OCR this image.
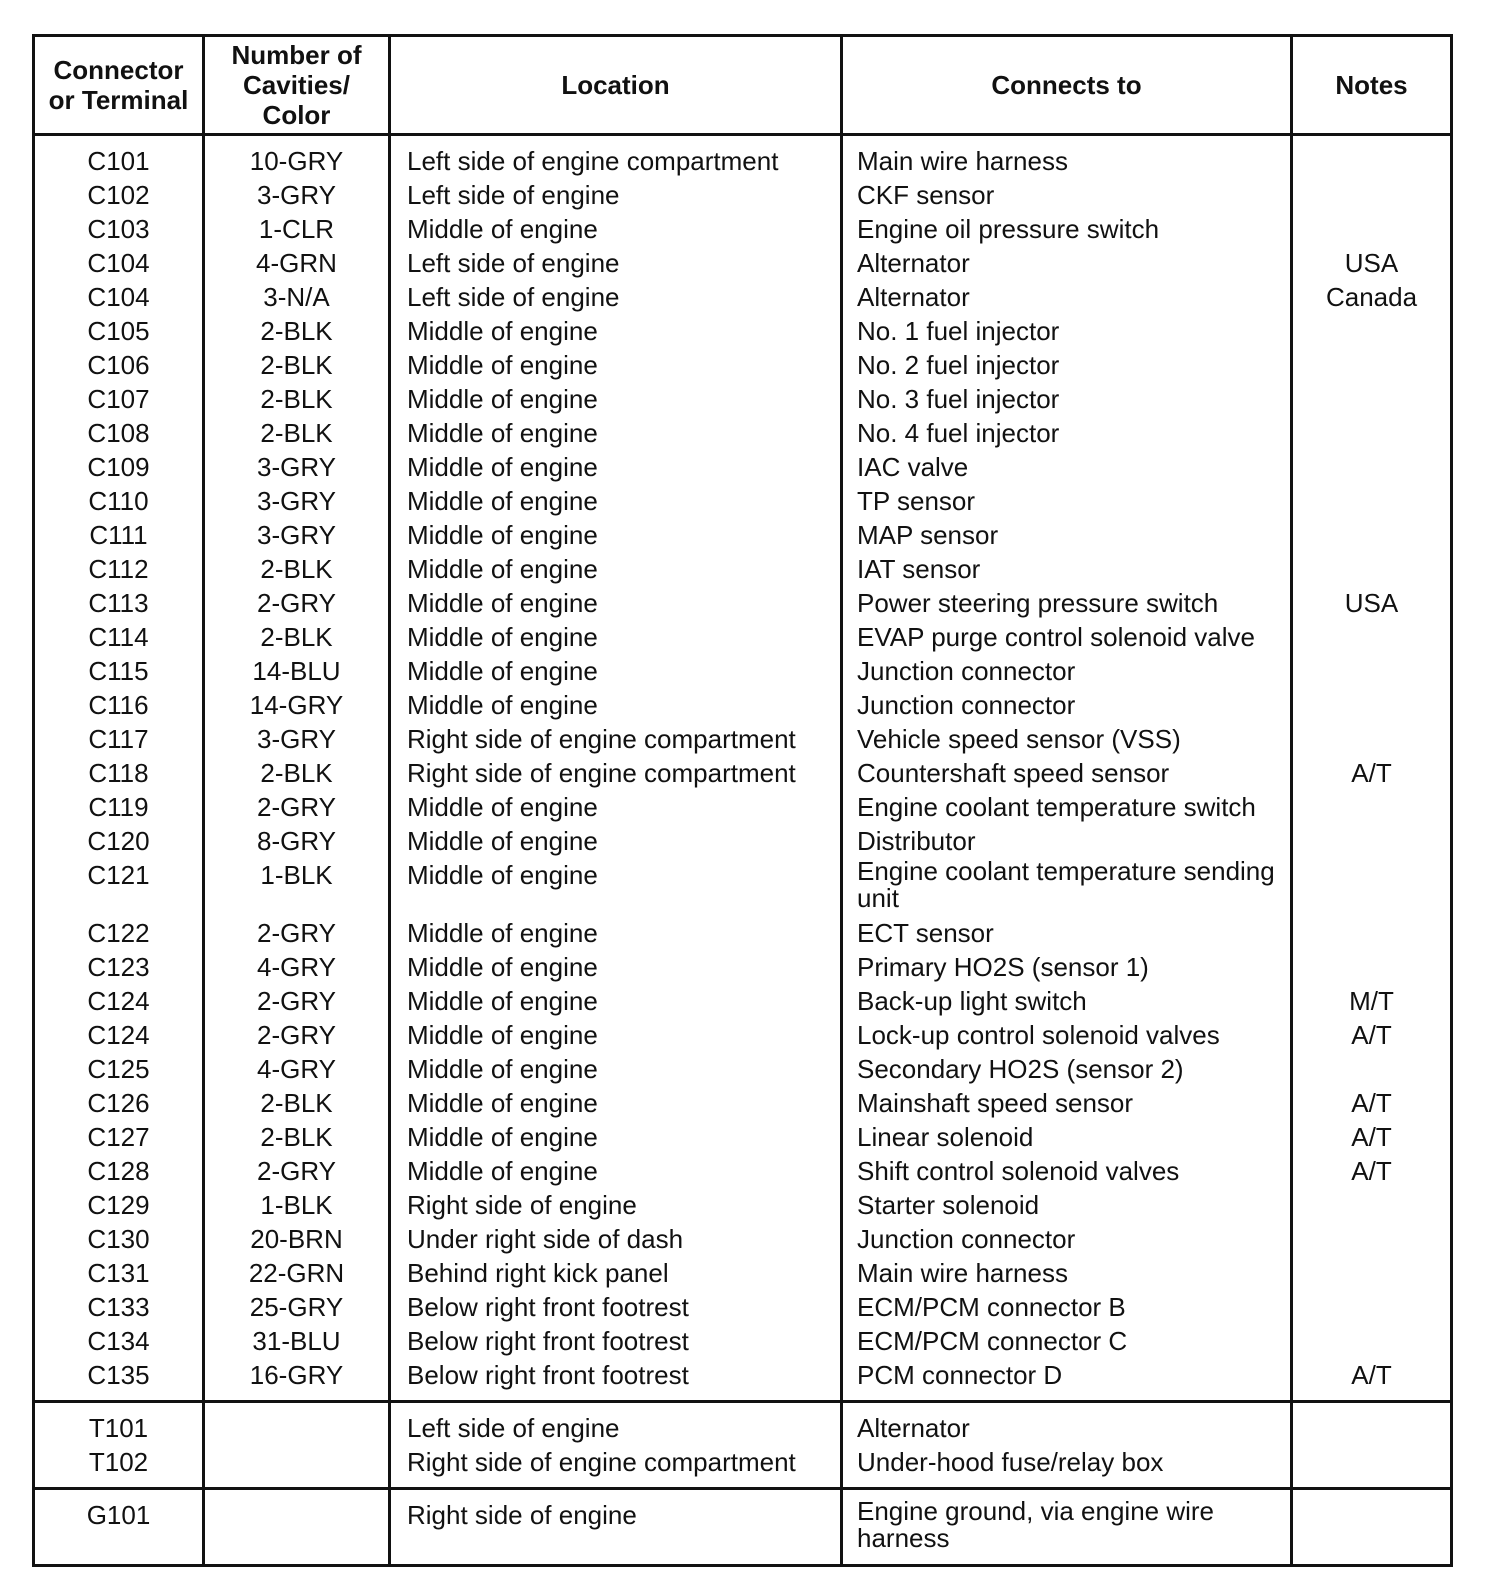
Connector or Terminal	Number of Cavities/ Color	Location	Connects to	Notes
C101	10-GRY	Left side of engine compartment	Main wire harness	
C102	3-GRY	Left side of engine	CKF sensor	
C103	1-CLR	Middle of engine	Engine oil pressure switch	
C104	4-GRN	Left side of engine	Alternator	USA
C104	3-N/A	Left side of engine	Alternator	Canada
C105	2-BLK	Middle of engine	No. 1 fuel injector	
C106	2-BLK	Middle of engine	No. 2 fuel injector	
C107	2-BLK	Middle of engine	No. 3 fuel injector	
C108	2-BLK	Middle of engine	No. 4 fuel injector	
C109	3-GRY	Middle of engine	IAC valve	
C110	3-GRY	Middle of engine	TP sensor	
C111	3-GRY	Middle of engine	MAP sensor	
C112	2-BLK	Middle of engine	IAT sensor	
C113	2-GRY	Middle of engine	Power steering pressure switch	USA
C114	2-BLK	Middle of engine	EVAP purge control solenoid valve	
C115	14-BLU	Middle of engine	Junction connector	
C116	14-GRY	Middle of engine	Junction connector	
C117	3-GRY	Right side of engine compartment	Vehicle speed sensor (VSS)	
C118	2-BLK	Right side of engine compartment	Countershaft speed sensor	A/T
C119	2-GRY	Middle of engine	Engine coolant temperature switch	
C120	8-GRY	Middle of engine	Distributor	
C121	1-BLK	Middle of engine	Engine coolant temperature sending unit	

C122	2-GRY	Middle of engine	ECT sensor	
C123	4-GRY	Middle of engine	Primary HO2S (sensor 1)	
C124	2-GRY	Middle of engine	Back-up light switch	M/T
C124	2-GRY	Middle of engine	Lock-up control solenoid valves	A/T
C125	4-GRY	Middle of engine	Secondary HO2S (sensor 2)	
C126	2-BLK	Middle of engine	Mainshaft speed sensor	A/T
C127	2-BLK	Middle of engine	Linear solenoid	A/T
C128	2-GRY	Middle of engine	Shift control solenoid valves	A/T
C129	1-BLK	Right side of engine	Starter solenoid	
C130	20-BRN	Under right side of dash	Junction connector	
C131	22-GRN	Behind right kick panel	Main wire harness	
C133	25-GRY	Below right front footrest	ECM/PCM connector B	
C134	31-BLU	Below right front footrest	ECM/PCM connector C	
C135	16-GRY	Below right front footrest	PCM connector D	A/T
T101		Left side of engine	Alternator	
T102		Right side of engine compartment	Under-hood fuse/relay box	
G101		Right side of engine	Engine ground, via engine wire harness	
